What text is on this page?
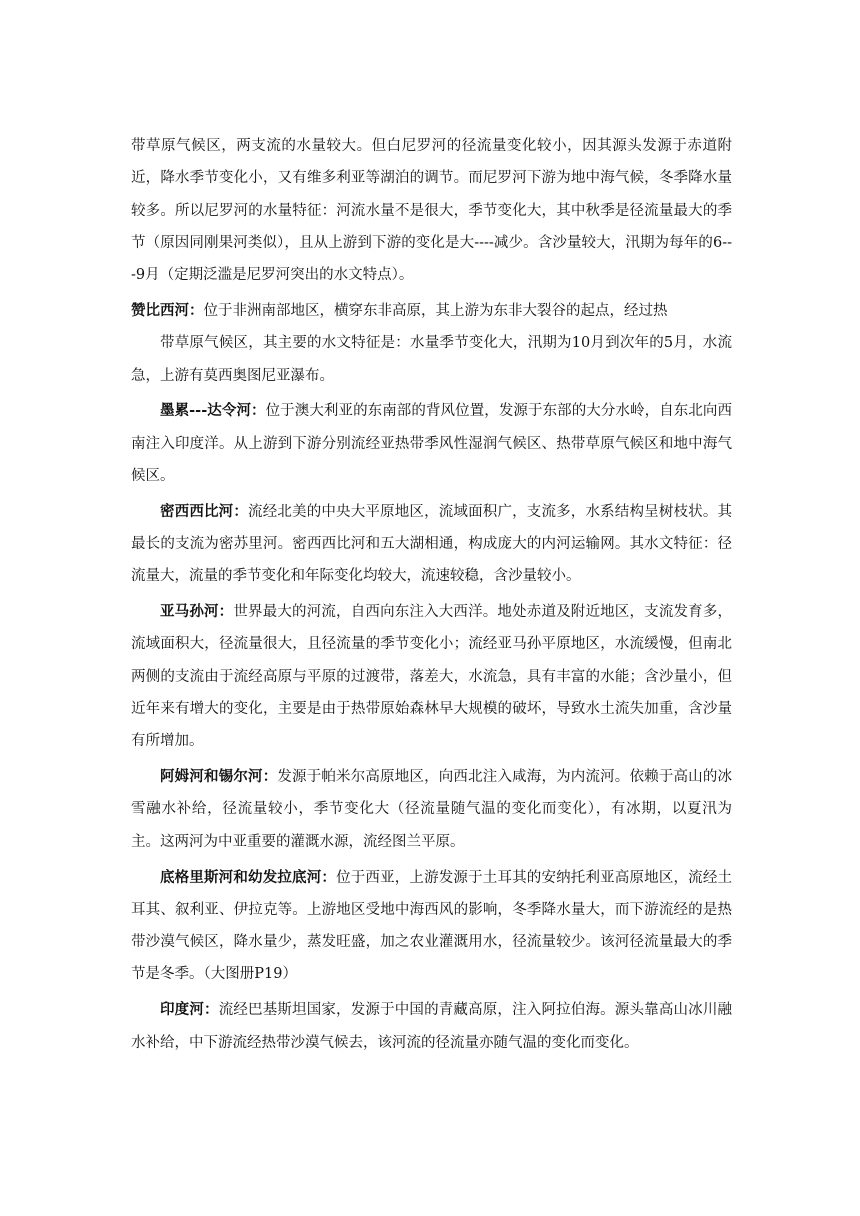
带草原气候区，两支流的水量较大。但白尼罗河的径流量变化较小，因其源头发源于赤道附近，降水季节变化小，又有维多利亚等湖泊的调节。而尼罗河下游为地中海气候，冬季降水量较多。所以尼罗河的水量特征：河流水量不是很大，季节变化大，其中秋季是径流量最大的季节（原因同刚果河类似），且从上游到下游的变化是大----减少。含沙量较大，汛期为每年的6---9月（定期泛滥是尼罗河突出的水文特点）。

赞比西河：位于非洲南部地区，横穿东非高原，其上游为东非大裂谷的起点，经过热

带草原气候区，其主要的水文特征是：水量季节变化大，汛期为10月到次年的5月，水流急，上游有莫西奥图尼亚瀑布。

墨累---达令河：位于澳大利亚的东南部的背风位置，发源于东部的大分水岭，自东北向西南注入印度洋。从上游到下游分别流经亚热带季风性湿润气候区、热带草原气候区和地中海气候区。

密西西比河：流经北美的中央大平原地区，流域面积广，支流多，水系结构呈树枝状。其最长的支流为密苏里河。密西西比河和五大湖相通，构成庞大的内河运输网。其水文特征：径流量大，流量的季节变化和年际变化均较大，流速较稳，含沙量较小。

亚马孙河：世界最大的河流，自西向东注入大西洋。地处赤道及附近地区，支流发育多，流域面积大，径流量很大，且径流量的季节变化小；流经亚马孙平原地区，水流缓慢，但南北两侧的支流由于流经高原与平原的过渡带，落差大，水流急，具有丰富的水能；含沙量小，但近年来有增大的变化，主要是由于热带原始森林早大规模的破坏，导致水土流失加重，含沙量有所增加。

阿姆河和锡尔河：发源于帕米尔高原地区，向西北注入咸海，为内流河。依赖于高山的冰雪融水补给，径流量较小，季节变化大（径流量随气温的变化而变化），有冰期，以夏汛为主。这两河为中亚重要的灌溉水源，流经图兰平原。

底格里斯河和幼发拉底河：位于西亚，上游发源于土耳其的安纳托利亚高原地区，流经土耳其、叙利亚、伊拉克等。上游地区受地中海西风的影响，冬季降水量大，而下游流经的是热带沙漠气候区，降水量少，蒸发旺盛，加之农业灌溉用水，径流量较少。该河径流量最大的季节是冬季。（大图册P19）

印度河：流经巴基斯坦国家，发源于中国的青藏高原，注入阿拉伯海。源头靠高山冰川融水补给，中下游流经热带沙漠气候去，该河流的径流量亦随气温的变化而变化。
